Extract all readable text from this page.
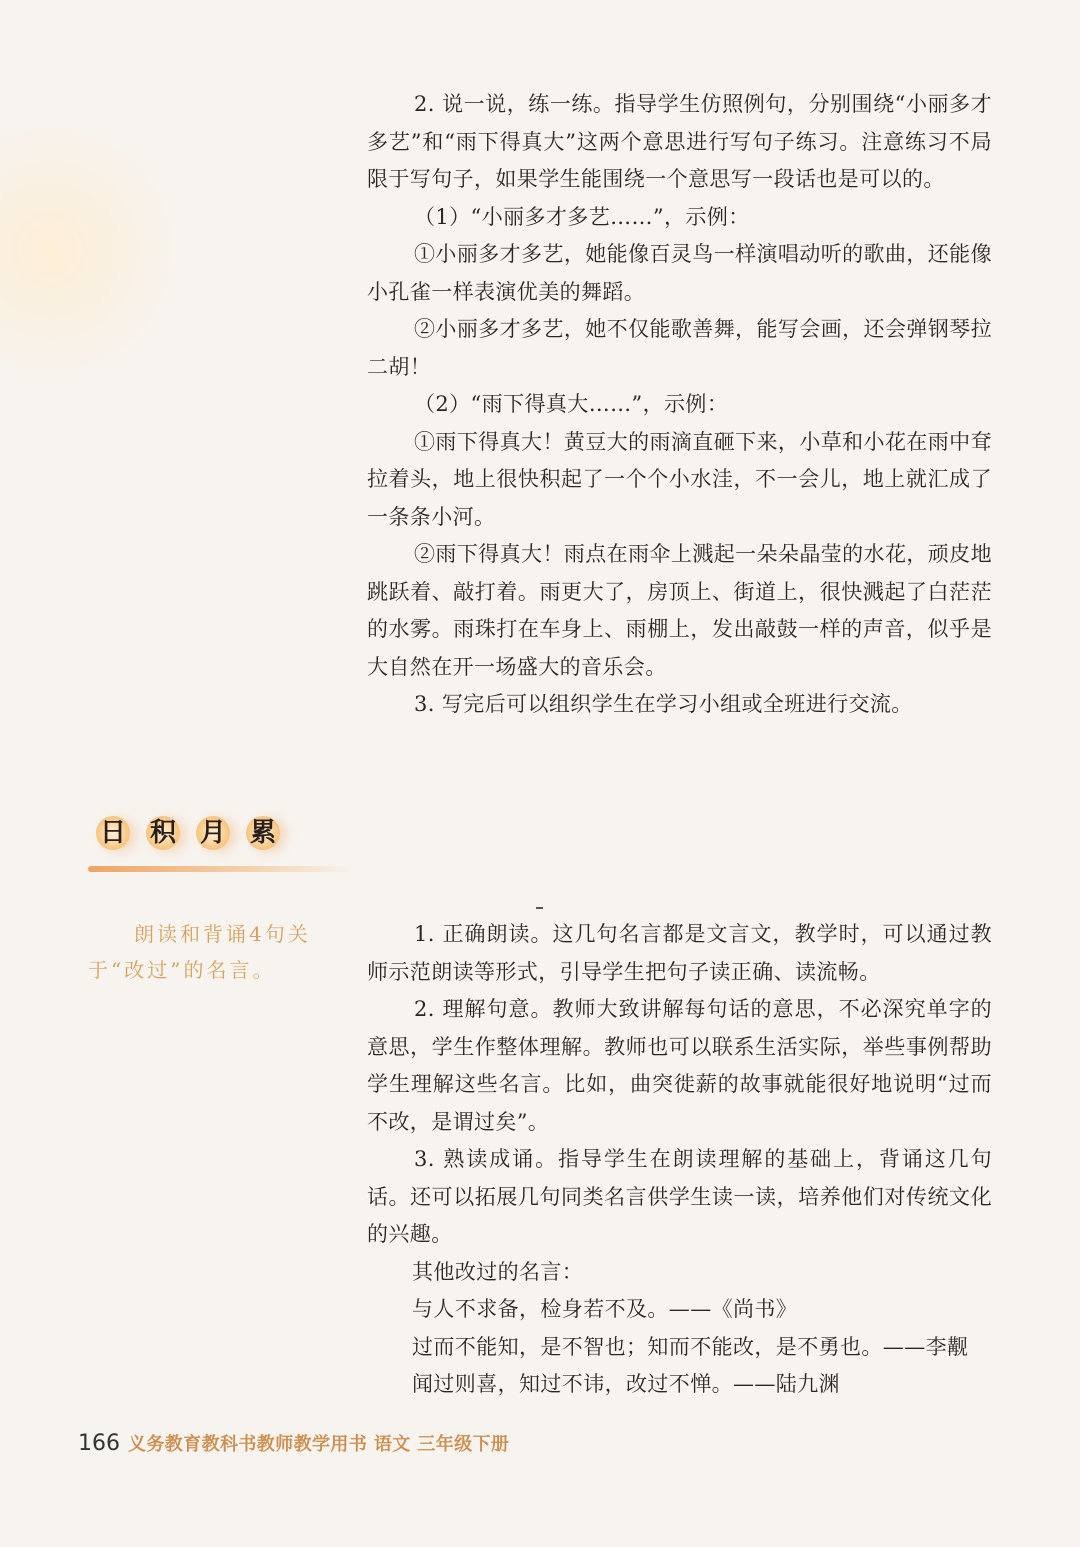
2. 说一说，练一练。指导学生仿照例句，分别围绕“小丽多才多艺”和“雨下得真大”这两个意思进行写句子练习。注意练习不局限于写句子，如果学生能围绕一个意思写一段话也是可以的。

（1）“小丽多才多艺……”，示例：

①小丽多才多艺，她能像百灵鸟一样演唱动听的歌曲，还能像小孔雀一样表演优美的舞蹈。

②小丽多才多艺，她不仅能歌善舞，能写会画，还会弹钢琴拉二胡！

（2）“雨下得真大……”，示例：

①雨下得真大！黄豆大的雨滴直砸下来，小草和小花在雨中耷拉着头，地上很快积起了一个个小水洼，不一会儿，地上就汇成了一条条小河。

②雨下得真大！雨点在雨伞上溅起一朵朵晶莹的水花，顽皮地跳跃着、敲打着。雨更大了，房顶上、街道上，很快溅起了白茫茫的水雾。雨珠打在车身上、雨棚上，发出敲鼓一样的声音，似乎是大自然在开一场盛大的音乐会。

3. 写完后可以组织学生在学习小组或全班进行交流。

日 积 月 累
朗读和背诵4句关
于“改过”的名言。

1. 正确朗读。这几句名言都是文言文，教学时，可以通过教师示范朗读等形式，引导学生把句子读正确、读流畅。

2. 理解句意。教师大致讲解每句话的意思，不必深究单字的意思，学生作整体理解。教师也可以联系生活实际，举些事例帮助学生理解这些名言。比如，曲突徙薪的故事就能很好地说明“过而不改，是谓过矣”。

3. 熟读成诵。指导学生在朗读理解的基础上，背诵这几句话。还可以拓展几句同类名言供学生读一读，培养他们对传统文化的兴趣。

其他改过的名言：

与人不求备，检身若不及。——《尚书》

过而不能知，是不智也；知而不能改，是不勇也。——李觏

闻过则喜，知过不讳，改过不惮。——陆九渊

166 义务教育教科书教师教学用书 语文 三年级下册
